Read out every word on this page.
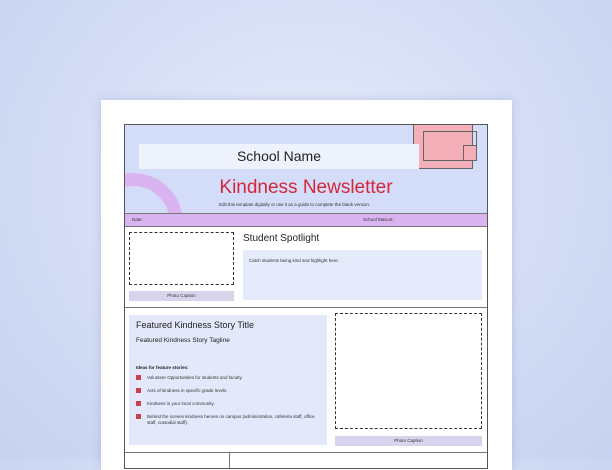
School Name
Kindness Newsletter
Edit this template digitally or use it as a guide to complete the blank version.
Date:	School Mascot:
Photo Caption
Student Spotlight
Catch students being kind and highlight here.
Featured Kindness Story Title
Featured Kindness Story Tagline
Ideas for feature stories:
Volunteer Opportunities for students and faculty.
Acts of kindness in specific grade levels.
Kindness in your local community.
Behind the scenes kindness heroes on campus (administration, cafeteria staff, office staff, custodial staff).
Photo Caption
